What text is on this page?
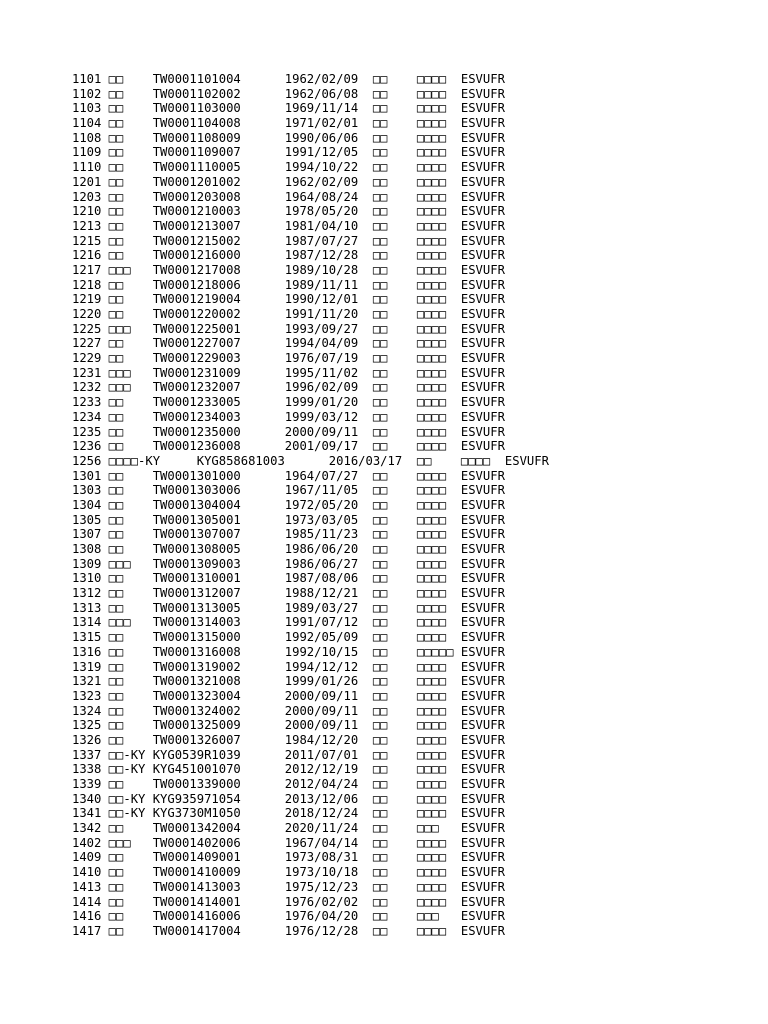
1101 □□    TW0001101004      1962/02/09  □□    □□□□  ESVUFR
1102 □□    TW0001102002      1962/06/08  □□    □□□□  ESVUFR
1103 □□    TW0001103000      1969/11/14  □□    □□□□  ESVUFR
1104 □□    TW0001104008      1971/02/01  □□    □□□□  ESVUFR
1108 □□    TW0001108009      1990/06/06  □□    □□□□  ESVUFR
1109 □□    TW0001109007      1991/12/05  □□    □□□□  ESVUFR
1110 □□    TW0001110005      1994/10/22  □□    □□□□  ESVUFR
1201 □□    TW0001201002      1962/02/09  □□    □□□□  ESVUFR
1203 □□    TW0001203008      1964/08/24  □□    □□□□  ESVUFR
1210 □□    TW0001210003      1978/05/20  □□    □□□□  ESVUFR
1213 □□    TW0001213007      1981/04/10  □□    □□□□  ESVUFR
1215 □□    TW0001215002      1987/07/27  □□    □□□□  ESVUFR
1216 □□    TW0001216000      1987/12/28  □□    □□□□  ESVUFR
1217 □□□   TW0001217008      1989/10/28  □□    □□□□  ESVUFR
1218 □□    TW0001218006      1989/11/11  □□    □□□□  ESVUFR
1219 □□    TW0001219004      1990/12/01  □□    □□□□  ESVUFR
1220 □□    TW0001220002      1991/11/20  □□    □□□□  ESVUFR
1225 □□□   TW0001225001      1993/09/27  □□    □□□□  ESVUFR
1227 □□    TW0001227007      1994/04/09  □□    □□□□  ESVUFR
1229 □□    TW0001229003      1976/07/19  □□    □□□□  ESVUFR
1231 □□□   TW0001231009      1995/11/02  □□    □□□□  ESVUFR
1232 □□□   TW0001232007      1996/02/09  □□    □□□□  ESVUFR
1233 □□    TW0001233005      1999/01/20  □□    □□□□  ESVUFR
1234 □□    TW0001234003      1999/03/12  □□    □□□□  ESVUFR
1235 □□    TW0001235000      2000/09/11  □□    □□□□  ESVUFR
1236 □□    TW0001236008      2001/09/17  □□    □□□□  ESVUFR
1256 □□□□-KY     KYG858681003      2016/03/17  □□    □□□□  ESVUFR
1301 □□    TW0001301000      1964/07/27  □□    □□□□  ESVUFR
1303 □□    TW0001303006      1967/11/05  □□    □□□□  ESVUFR
1304 □□    TW0001304004      1972/05/20  □□    □□□□  ESVUFR
1305 □□    TW0001305001      1973/03/05  □□    □□□□  ESVUFR
1307 □□    TW0001307007      1985/11/23  □□    □□□□  ESVUFR
1308 □□    TW0001308005      1986/06/20  □□    □□□□  ESVUFR
1309 □□□   TW0001309003      1986/06/27  □□    □□□□  ESVUFR
1310 □□    TW0001310001      1987/08/06  □□    □□□□  ESVUFR
1312 □□    TW0001312007      1988/12/21  □□    □□□□  ESVUFR
1313 □□    TW0001313005      1989/03/27  □□    □□□□  ESVUFR
1314 □□□   TW0001314003      1991/07/12  □□    □□□□  ESVUFR
1315 □□    TW0001315000      1992/05/09  □□    □□□□  ESVUFR
1316 □□    TW0001316008      1992/10/15  □□    □□□□□ ESVUFR
1319 □□    TW0001319002      1994/12/12  □□    □□□□  ESVUFR
1321 □□    TW0001321008      1999/01/26  □□    □□□□  ESVUFR
1323 □□    TW0001323004      2000/09/11  □□    □□□□  ESVUFR
1324 □□    TW0001324002      2000/09/11  □□    □□□□  ESVUFR
1325 □□    TW0001325009      2000/09/11  □□    □□□□  ESVUFR
1326 □□    TW0001326007      1984/12/20  □□    □□□□  ESVUFR
1337 □□-KY KYG0539R1039      2011/07/01  □□    □□□□  ESVUFR
1338 □□-KY KYG451001070      2012/12/19  □□    □□□□  ESVUFR
1339 □□    TW0001339000      2012/04/24  □□    □□□□  ESVUFR
1340 □□-KY KYG935971054      2013/12/06  □□    □□□□  ESVUFR
1341 □□-KY KYG3730M1050      2018/12/24  □□    □□□□  ESVUFR
1342 □□    TW0001342004      2020/11/24  □□    □□□   ESVUFR
1402 □□□   TW0001402006      1967/04/14  □□    □□□□  ESVUFR
1409 □□    TW0001409001      1973/08/31  □□    □□□□  ESVUFR
1410 □□    TW0001410009      1973/10/18  □□    □□□□  ESVUFR
1413 □□    TW0001413003      1975/12/23  □□    □□□□  ESVUFR
1414 □□    TW0001414001      1976/02/02  □□    □□□□  ESVUFR
1416 □□    TW0001416006      1976/04/20  □□    □□□   ESVUFR
1417 □□    TW0001417004      1976/12/28  □□    □□□□  ESVUFR
